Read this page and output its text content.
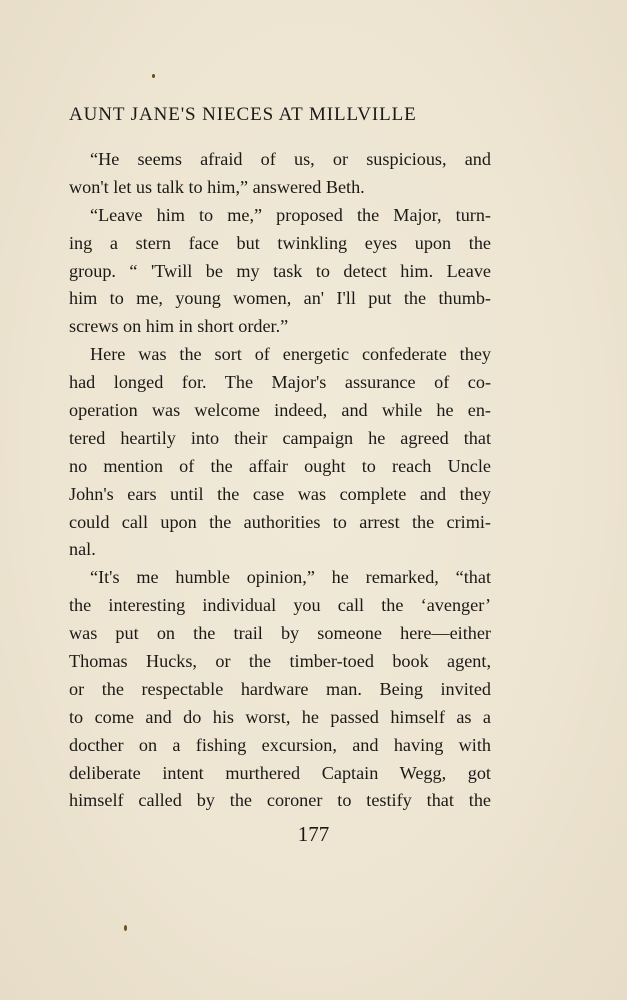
AUNT JANE'S NIECES AT MILLVILLE
“He seems afraid of us, or suspicious, and
won't let us talk to him,” answered Beth.
“Leave him to me,” proposed the Major, turn-
ing a stern face but twinkling eyes upon the
group. “ 'Twill be my task to detect him. Leave
him to me, young women, an' I'll put the thumb-
screws on him in short order.”
Here was the sort of energetic confederate they
had longed for. The Major's assurance of co-
operation was welcome indeed, and while he en-
tered heartily into their campaign he agreed that
no mention of the affair ought to reach Uncle
John's ears until the case was complete and they
could call upon the authorities to arrest the crimi-
nal.
“It's me humble opinion,” he remarked, “that
the interesting individual you call the ‘avenger’
was put on the trail by someone here—either
Thomas Hucks, or the timber-toed book agent,
or the respectable hardware man. Being invited
to come and do his worst, he passed himself as a
docther on a fishing excursion, and having with
deliberate intent murthered Captain Wegg, got
himself called by the coroner to testify that the
177
